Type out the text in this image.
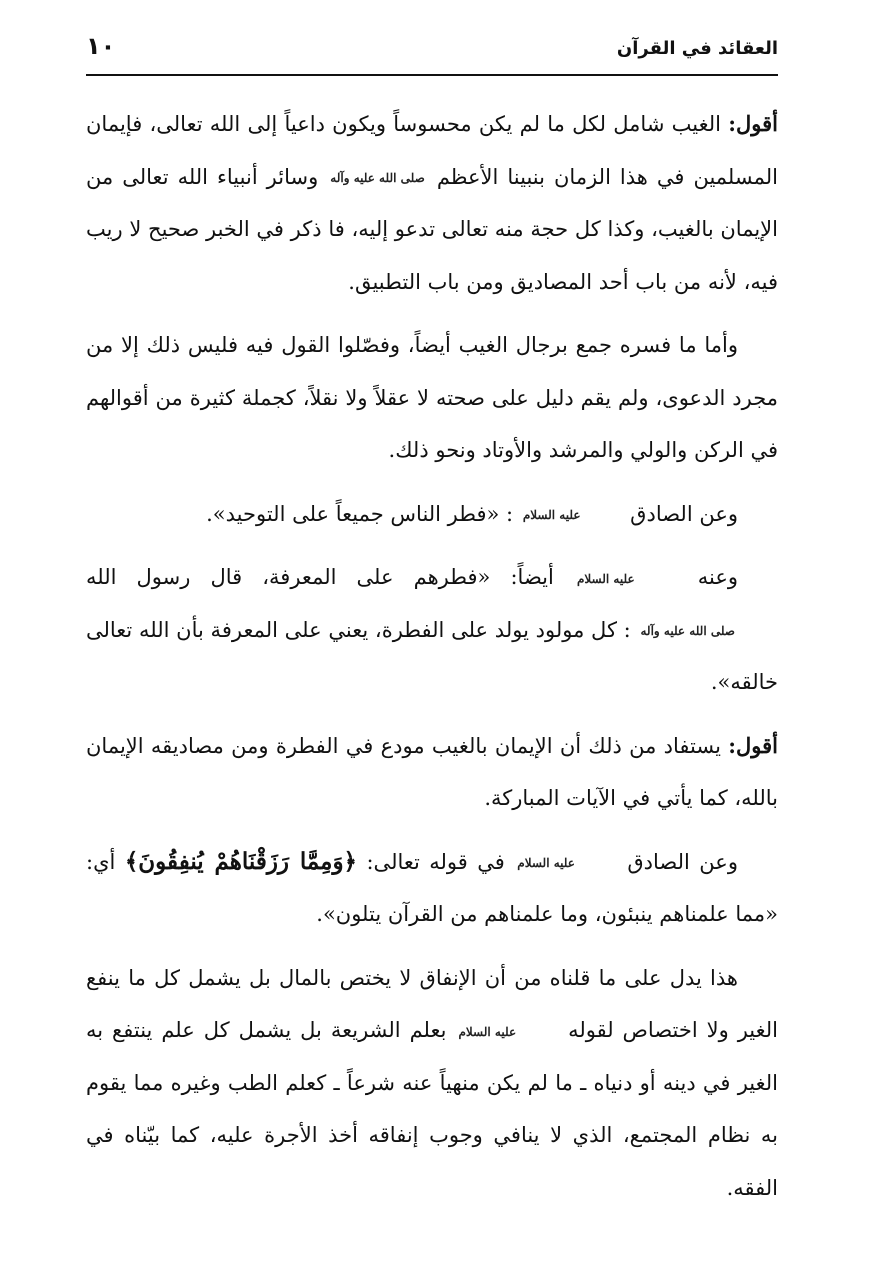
١٠	العقائد في القرآن

أقول: الغيب شامل لكل ما لم يكن محسوساً ويكون داعياً إلى الله تعالى، فإيمان المسلمين في هذا الزمان بنبينا الأعظم صلى الله عليه وآله وسائر أنبياء الله تعالى من الإيمان بالغيب، وكذا كل حجة منه تعالى تدعو إليه، فا ذكر في الخبر صحيح لا ريب فيه، لأنه من باب أحد المصاديق ومن باب التطبيق.

وأما ما فسره جمع برجال الغيب أيضاً، وفصّلوا القول فيه فليس ذلك إلا من مجرد الدعوى، ولم يقم دليل على صحته لا عقلاً ولا نقلاً، كجملة كثيرة من أقوالهم في الركن والولي والمرشد والأوتاد ونحو ذلك.

وعن الصادق عليه السلام : «فطر الناس جميعاً على التوحيد».

وعنه عليه السلام أيضاً: «فطرهم على المعرفة، قال رسول الله صلى الله عليه وآله : كل مولود يولد على الفطرة، يعني على المعرفة بأن الله تعالى خالقه».

أقول: يستفاد من ذلك أن الإيمان بالغيب مودع في الفطرة ومن مصاديقه الإيمان بالله، كما يأتي في الآيات المباركة.

وعن الصادق عليه السلام في قوله تعالى: ﴿وَمِمَّا رَزَقْنَاهُمْ يُنفِقُونَ﴾ أي: «مما علمناهم ينبئون، وما علمناهم من القرآن يتلون».

هذا يدل على ما قلناه من أن الإنفاق لا يختص بالمال بل يشمل كل ما ينفع الغير ولا اختصاص لقوله عليه السلام بعلم الشريعة بل يشمل كل علم ينتفع به الغير في دينه أو دنياه ـ ما لم يكن منهياً عنه شرعاً ـ كعلم الطب وغيره مما يقوم به نظام المجتمع، الذي لا ينافي وجوب إنفاقه أخذ الأجرة عليه، كما بيّناه في الفقه.
